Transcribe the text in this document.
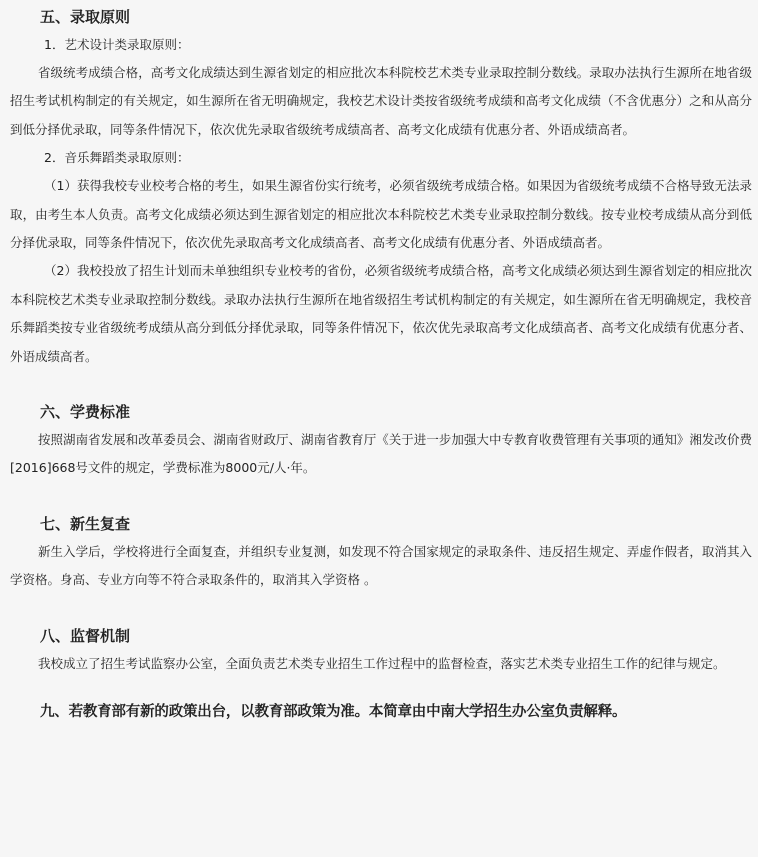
五、录取原则

1．艺术设计类录取原则：

省级统考成绩合格，高考文化成绩达到生源省划定的相应批次本科院校艺术类专业录取控制分数线。录取办法执行生源所在地省级招生考试机构制定的有关规定，如生源所在省无明确规定，我校艺术设计类按省级统考成绩和高考文化成绩（不含优惠分）之和从高分到低分择优录取，同等条件情况下，依次优先录取省级统考成绩高者、高考文化成绩有优惠分者、外语成绩高者。

2．音乐舞蹈类录取原则：

（1）获得我校专业校考合格的考生，如果生源省份实行统考，必须省级统考成绩合格。如果因为省级统考成绩不合格导致无法录取，由考生本人负责。高考文化成绩必须达到生源省划定的相应批次本科院校艺术类专业录取控制分数线。按专业校考成绩从高分到低分择优录取，同等条件情况下，依次优先录取高考文化成绩高者、高考文化成绩有优惠分者、外语成绩高者。

（2）我校投放了招生计划而未单独组织专业校考的省份，必须省级统考成绩合格，高考文化成绩必须达到生源省划定的相应批次本科院校艺术类专业录取控制分数线。录取办法执行生源所在地省级招生考试机构制定的有关规定，如生源所在省无明确规定，我校音乐舞蹈类按专业省级统考成绩从高分到低分择优录取，同等条件情况下，依次优先录取高考文化成绩高者、高考文化成绩有优惠分者、外语成绩高者。

六、学费标准

按照湖南省发展和改革委员会、湖南省财政厅、湖南省教育厅《关于进一步加强大中专教育收费管理有关事项的通知》湘发改价费[2016]668号文件的规定，学费标准为8000元/人·年。

七、新生复查

新生入学后，学校将进行全面复查，并组织专业复测，如发现不符合国家规定的录取条件、违反招生规定、弄虚作假者，取消其入学资格。身高、专业方向等不符合录取条件的，取消其入学资格 。

八、监督机制

我校成立了招生考试监察办公室，全面负责艺术类专业招生工作过程中的监督检查，落实艺术类专业招生工作的纪律与规定。

九、若教育部有新的政策出台，以教育部政策为准。本简章由中南大学招生办公室负责解释。
